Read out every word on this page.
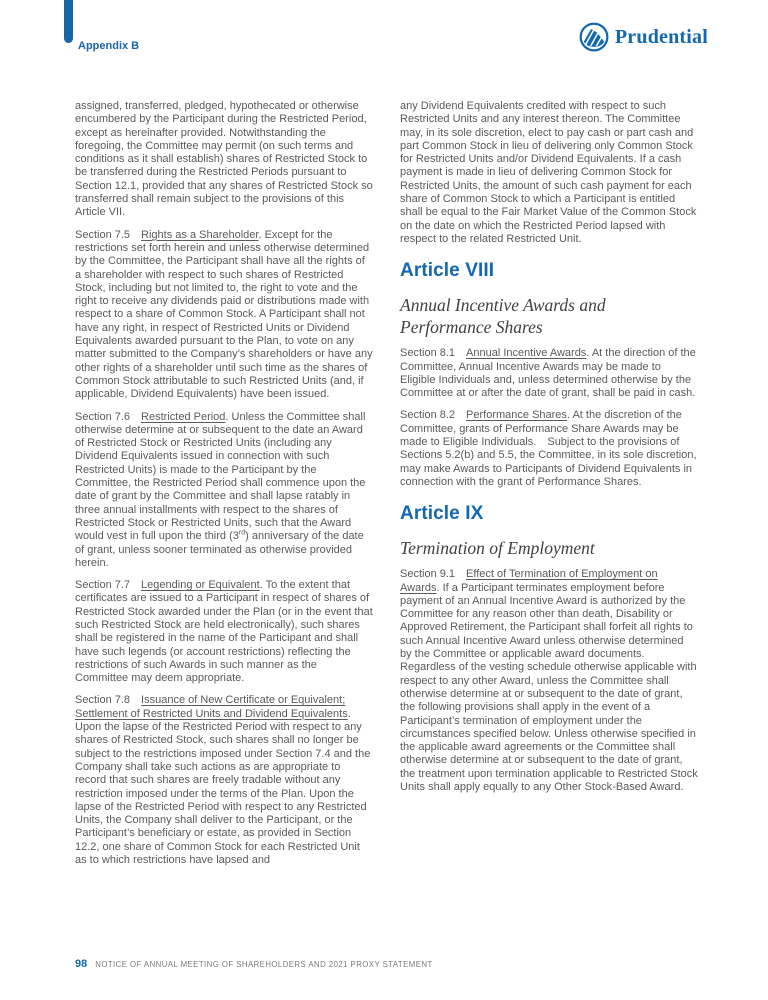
Appendix B	Prudential

assigned, transferred, pledged, hypothecated or otherwise encumbered by the Participant during the Restricted Period, except as hereinafter provided. Notwithstanding the foregoing, the Committee may permit (on such terms and conditions as it shall establish) shares of Restricted Stock to be transferred during the Restricted Periods pursuant to Section 12.1, provided that any shares of Restricted Stock so transferred shall remain subject to the provisions of this Article VII.

Section 7.5  Rights as a Shareholder. Except for the restrictions set forth herein and unless otherwise determined by the Committee, the Participant shall have all the rights of a shareholder with respect to such shares of Restricted Stock, including but not limited to, the right to vote and the right to receive any dividends paid or distributions made with respect to a share of Common Stock. A Participant shall not have any right, in respect of Restricted Units or Dividend Equivalents awarded pursuant to the Plan, to vote on any matter submitted to the Company’s shareholders or have any other rights of a shareholder until such time as the shares of Common Stock attributable to such Restricted Units (and, if applicable, Dividend Equivalents) have been issued.

Section 7.6  Restricted Period. Unless the Committee shall otherwise determine at or subsequent to the date an Award of Restricted Stock or Restricted Units (including any Dividend Equivalents issued in connection with such Restricted Units) is made to the Participant by the Committee, the Restricted Period shall commence upon the date of grant by the Committee and shall lapse ratably in three annual installments with respect to the shares of Restricted Stock or Restricted Units, such that the Award would vest in full upon the third (3rd) anniversary of the date of grant, unless sooner terminated as otherwise provided herein.

Section 7.7  Legending or Equivalent. To the extent that certificates are issued to a Participant in respect of shares of Restricted Stock awarded under the Plan (or in the event that such Restricted Stock are held electronically), such shares shall be registered in the name of the Participant and shall have such legends (or account restrictions) reflecting the restrictions of such Awards in such manner as the Committee may deem appropriate.

Section 7.8  Issuance of New Certificate or Equivalent; Settlement of Restricted Units and Dividend Equivalents. Upon the lapse of the Restricted Period with respect to any shares of Restricted Stock, such shares shall no longer be subject to the restrictions imposed under Section 7.4 and the Company shall take such actions as are appropriate to record that such shares are freely tradable without any restriction imposed under the terms of the Plan. Upon the lapse of the Restricted Period with respect to any Restricted Units, the Company shall deliver to the Participant, or the Participant’s beneficiary or estate, as provided in Section 12.2, one share of Common Stock for each Restricted Unit as to which restrictions have lapsed and

any Dividend Equivalents credited with respect to such Restricted Units and any interest thereon. The Committee may, in its sole discretion, elect to pay cash or part cash and part Common Stock in lieu of delivering only Common Stock for Restricted Units and/or Dividend Equivalents. If a cash payment is made in lieu of delivering Common Stock for Restricted Units, the amount of such cash payment for each share of Common Stock to which a Participant is entitled shall be equal to the Fair Market Value of the Common Stock on the date on which the Restricted Period lapsed with respect to the related Restricted Unit.

Article VIII
Annual Incentive Awards and Performance Shares

Section 8.1  Annual Incentive Awards. At the direction of the Committee, Annual Incentive Awards may be made to Eligible Individuals and, unless determined otherwise by the Committee at or after the date of grant, shall be paid in cash.

Section 8.2  Performance Shares. At the discretion of the Committee, grants of Performance Share Awards may be made to Eligible Individuals.  Subject to the provisions of Sections 5.2(b) and 5.5, the Committee, in its sole discretion, may make Awards to Participants of Dividend Equivalents in connection with the grant of Performance Shares.

Article IX
Termination of Employment

Section 9.1  Effect of Termination of Employment on Awards. If a Participant terminates employment before payment of an Annual Incentive Award is authorized by the Committee for any reason other than death, Disability or Approved Retirement, the Participant shall forfeit all rights to such Annual Incentive Award unless otherwise determined by the Committee or applicable award documents. Regardless of the vesting schedule otherwise applicable with respect to any other Award, unless the Committee shall otherwise determine at or subsequent to the date of grant, the following provisions shall apply in the event of a Participant’s termination of employment under the circumstances specified below. Unless otherwise specified in the applicable award agreements or the Committee shall otherwise determine at or subsequent to the date of grant, the treatment upon termination applicable to Restricted Stock Units shall apply equally to any Other Stock-Based Award.

98 NOTICE OF ANNUAL MEETING OF SHAREHOLDERS AND 2021 PROXY STATEMENT
